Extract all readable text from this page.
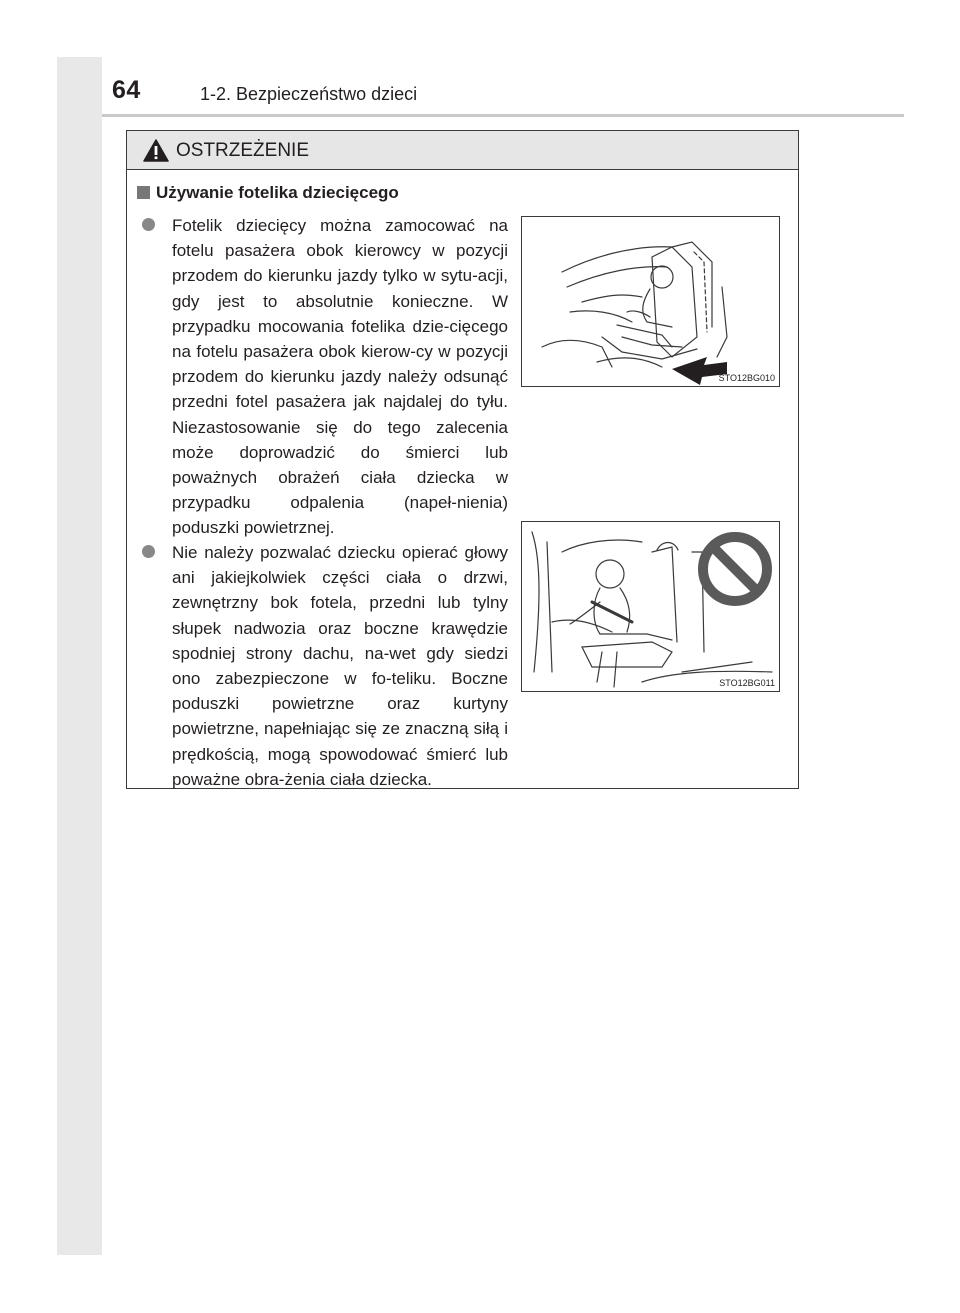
64	1-2. Bezpieczeństwo dzieci
OSTRZEŻENIE
Używanie fotelika dziecięcego

Fotelik dziecięcy można zamocować na fotelu pasażera obok kierowcy w pozycji przodem do kierunku jazdy tylko w sytu-acji, gdy jest to absolutnie konieczne. W przypadku mocowania fotelika dzie-cięcego na fotelu pasażera obok kierow-cy w pozycji przodem do kierunku jazdy należy odsunąć przedni fotel pasażera jak najdalej do tyłu. Niezastosowanie się do tego zalecenia może doprowadzić do śmierci lub poważnych obrażeń ciała dziecka w przypadku odpalenia (napeł-nienia) poduszki powietrznej.

STO12BG010

Nie należy pozwalać dziecku opierać głowy ani jakiejkolwiek części ciała o drzwi, zewnętrzny bok fotela, przedni lub tylny słupek nadwozia oraz boczne krawędzie spodniej strony dachu, na-wet gdy siedzi ono zabezpieczone w fo-teliku. Boczne poduszki powietrzne oraz kurtyny powietrzne, napełniając się ze znaczną siłą i prędkością, mogą spowodować śmierć lub poważne obra-żenia ciała dziecka.

STO12BG011
